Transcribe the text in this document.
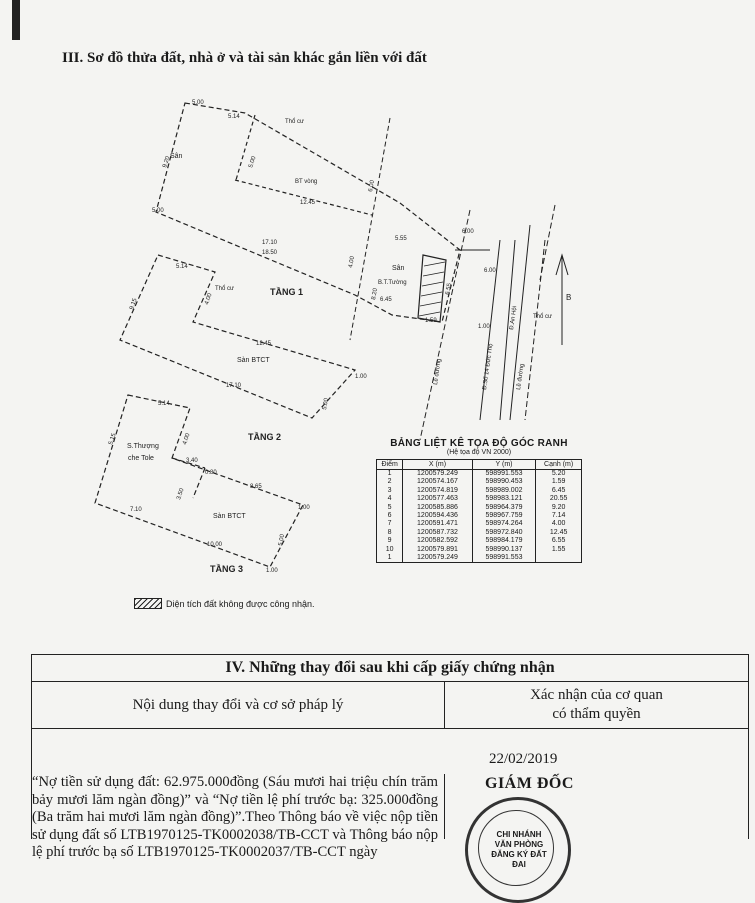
III. Sơ đồ thửa đất, nhà ở và tài sản khác gắn liền với đất
Thổ cư
Sân
BT vòng
Sân
B.T.Tường
Thổ cư
Thổ cư
B
TẦNG 1
Lề đường	Đ.Số 14 Đức Thọ
Đ.An Hội
Lề đường
5.00
5.14
9.20	5.00
12.45
5.00
17.10
18.50
5.55
6.00
6.00
6.45
1.59
6.00
6.55
4.00
8.20
1.00
TẦNG 2
Sàn BTCT
5.14
9.15	4.00
12.45
17.10
1.00
5.00
TẦNG 3
Sàn BTCT
S.Thượng
che Tole
5.14
5.15	4.00
3.40
0.80
3.50
8.65
7.10
10.00
1.00
5.00
1.00
BẢNG LIỆT KÊ TỌA ĐỘ GÓC RANH
(Hệ tọa độ VN 2000)
Điểm	X (m)	Y (m)	Cạnh (m)
1	1200579.249	598991.553	5.20
2	1200574.167	598990.453	1.59
3	1200574.819	598989.002	6.45
4	1200577.463	598983.121	20.55
5	1200585.886	598964.379	9.20
6	1200594.436	598967.759	7.14
7	1200591.471	598974.264	4.00
8	1200587.732	598972.840	12.45
9	1200582.592	598984.179	6.55
10	1200579.891	598990.137	1.55
1	1200579.249	598991.553	
Diện tích đất không được công nhận.
IV. Những thay đổi sau khi cấp giấy chứng nhận
Nội dung thay đổi và cơ sở pháp lý
Xác nhận của cơ quan
có thẩm quyền
“Nợ tiền sử dụng đất: 62.975.000đồng (Sáu mươi hai triệu chín trăm bảy mươi lăm ngàn đồng)” và “Nợ tiền lệ phí trước bạ: 325.000đồng (Ba trăm hai mươi lăm ngàn đồng)”.Theo Thông báo về việc nộp tiền sử dụng đất số LTB1970125-TK0002038/TB-CCT và Thông báo nộp lệ phí trước bạ số LTB1970125-TK0002037/TB-CCT ngày
22/02/2019
GIÁM ĐỐC
CHI NHÁNH
VĂN PHÒNG
ĐĂNG KÝ ĐẤT ĐAI
